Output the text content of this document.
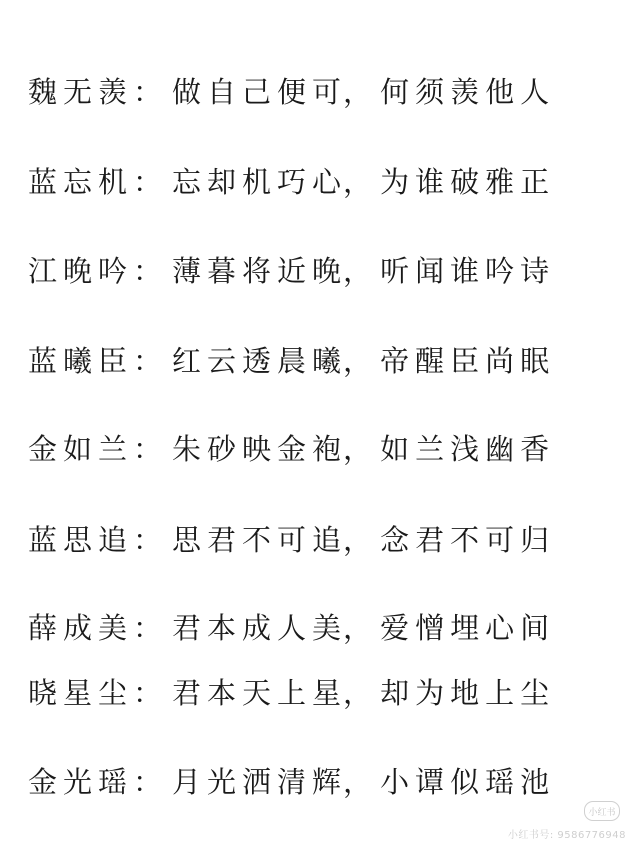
魏无羡 ： 做自己便可
， 何须羡他人
蓝忘机 ： 忘却机巧心
， 为谁破雅正
江晚吟 ： 薄暮将近晚
， 听闻谁吟诗
蓝曦臣 ： 红云透晨曦
， 帝醒臣尚眠
金如兰 ： 朱砂映金袍
， 如兰浅幽香
蓝思追 ： 思君不可追
， 念君不可归
薛成美 ： 君本成人美
， 爱憎埋心间
晓星尘 ： 君本天上星
， 却为地上尘
金光瑶 ： 月光洒清辉
， 小谭似瑶池
小红书
小红书号: 9586776948
